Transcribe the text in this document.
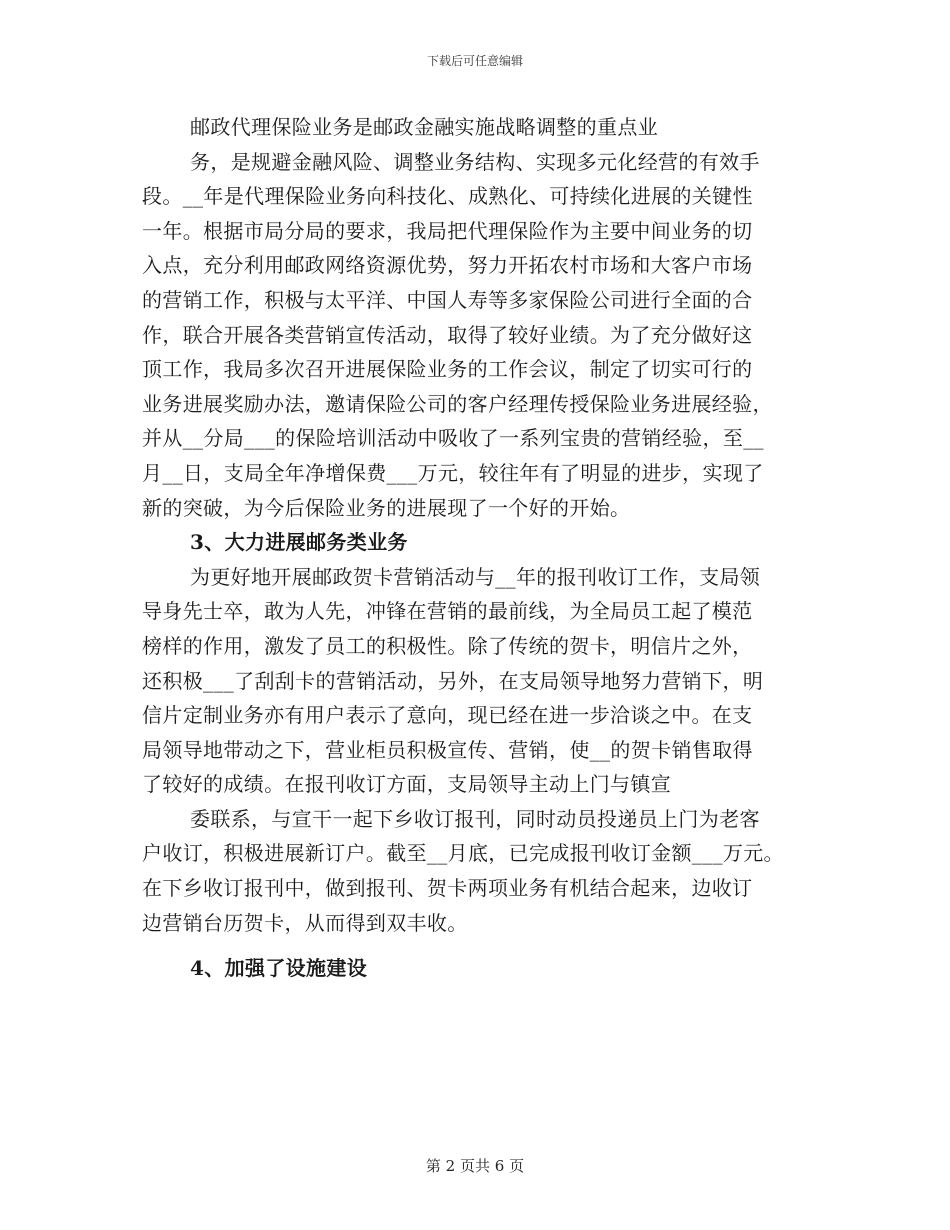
下载后可任意编辑
邮政代理保险业务是邮政金融实施战略调整的重点业
务，是规避金融风险、调整业务结构、实现多元化经营的有效手
段。__年是代理保险业务向科技化、成熟化、可持续化进展的关键性
一年。根据市局分局的要求，我局把代理保险作为主要中间业务的切
入点，充分利用邮政网络资源优势，努力开拓农村市场和大客户市场
的营销工作，积极与太平洋、中国人寿等多家保险公司进行全面的合
作，联合开展各类营销宣传活动，取得了较好业绩。为了充分做好这
顶工作，我局多次召开进展保险业务的工作会议，制定了切实可行的
业务进展奖励办法，邀请保险公司的客户经理传授保险业务进展经验，
并从__分局___的保险培训活动中吸收了一系列宝贵的营销经验，至__
月__日，支局全年净增保费___万元，较往年有了明显的进步，实现了
新的突破，为今后保险业务的进展现了一个好的开始。
3、大力进展邮务类业务
为更好地开展邮政贺卡营销活动与__年的报刊收订工作，支局领
导身先士卒，敢为人先，冲锋在营销的最前线，为全局员工起了模范
榜样的作用，激发了员工的积极性。除了传统的贺卡，明信片之外，
还积极___了刮刮卡的营销活动，另外，在支局领导地努力营销下，明
信片定制业务亦有用户表示了意向，现已经在进一步洽谈之中。在支
局领导地带动之下，营业柜员积极宣传、营销，使__的贺卡销售取得
了较好的成绩。在报刊收订方面，支局领导主动上门与镇宣
委联系，与宣干一起下乡收订报刊，同时动员投递员上门为老客
户收订，积极进展新订户。截至__月底，已完成报刊收订金额___万元。
在下乡收订报刊中，做到报刊、贺卡两项业务有机结合起来，边收订
边营销台历贺卡，从而得到双丰收。
4、加强了设施建设
第 2 页共 6 页
